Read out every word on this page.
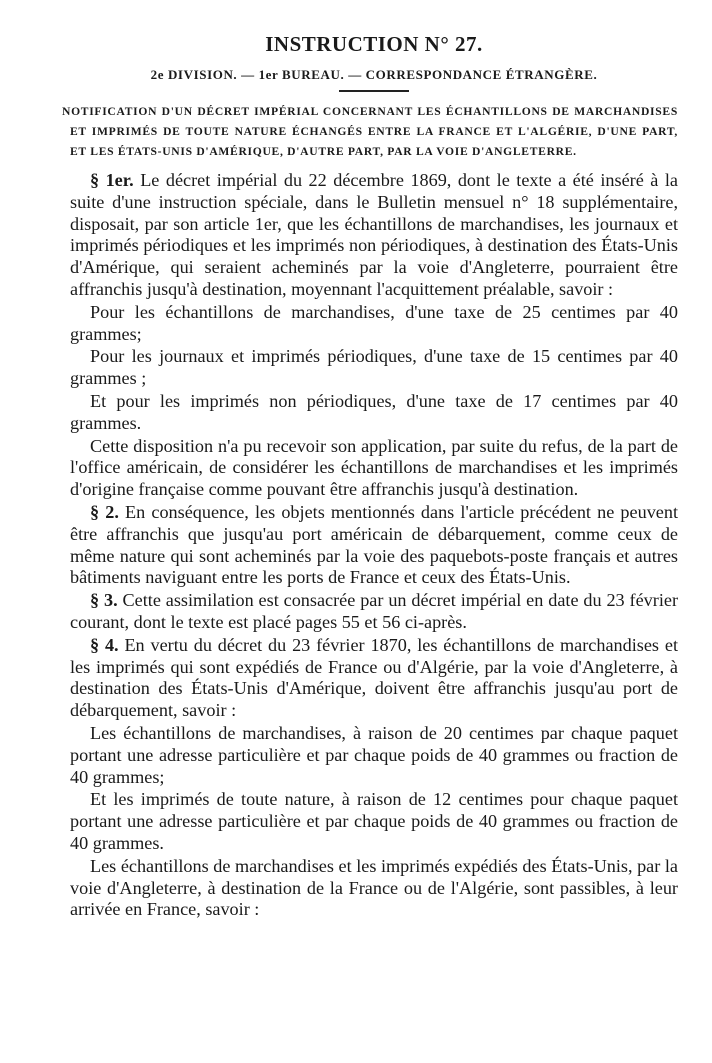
INSTRUCTION N° 27.
2e DIVISION. — 1er BUREAU. — CORRESPONDANCE ÉTRANGÈRE.
NOTIFICATION D'UN DÉCRET IMPÉRIAL CONCERNANT LES ÉCHANTILLONS DE MARCHANDISES ET IMPRIMÉS DE TOUTE NATURE ÉCHANGÉS ENTRE LA FRANCE ET L'ALGÉRIE, D'UNE PART, ET LES ÉTATS-UNIS D'AMÉRIQUE, D'AUTRE PART, PAR LA VOIE D'ANGLETERRE.
§ 1er. Le décret impérial du 22 décembre 1869, dont le texte a été inséré à la suite d'une instruction spéciale, dans le Bulletin mensuel n° 18 supplémentaire, disposait, par son article 1er, que les échantillons de marchandises, les journaux et imprimés périodiques et les imprimés non périodiques, à destination des États-Unis d'Amérique, qui seraient acheminés par la voie d'Angleterre, pourraient être affranchis jusqu'à destination, moyennant l'acquittement préalable, savoir :
Pour les échantillons de marchandises, d'une taxe de 25 centimes par 40 grammes;
Pour les journaux et imprimés périodiques, d'une taxe de 15 centimes par 40 grammes ;
Et pour les imprimés non périodiques, d'une taxe de 17 centimes par 40 grammes.
Cette disposition n'a pu recevoir son application, par suite du refus, de la part de l'office américain, de considérer les échantillons de marchandises et les imprimés d'origine française comme pouvant être affranchis jusqu'à destination.
§ 2. En conséquence, les objets mentionnés dans l'article précédent ne peuvent être affranchis que jusqu'au port américain de débarquement, comme ceux de même nature qui sont acheminés par la voie des paquebots-poste français et autres bâtiments naviguant entre les ports de France et ceux des États-Unis.
§ 3. Cette assimilation est consacrée par un décret impérial en date du 23 février courant, dont le texte est placé pages 55 et 56 ci-après.
§ 4. En vertu du décret du 23 février 1870, les échantillons de marchandises et les imprimés qui sont expédiés de France ou d'Algérie, par la voie d'Angleterre, à destination des États-Unis d'Amérique, doivent être affranchis jusqu'au port de débarquement, savoir :
Les échantillons de marchandises, à raison de 20 centimes par chaque paquet portant une adresse particulière et par chaque poids de 40 grammes ou fraction de 40 grammes;
Et les imprimés de toute nature, à raison de 12 centimes pour chaque paquet portant une adresse particulière et par chaque poids de 40 grammes ou fraction de 40 grammes.
Les échantillons de marchandises et les imprimés expédiés des États-Unis, par la voie d'Angleterre, à destination de la France ou de l'Algérie, sont passibles, à leur arrivée en France, savoir :
